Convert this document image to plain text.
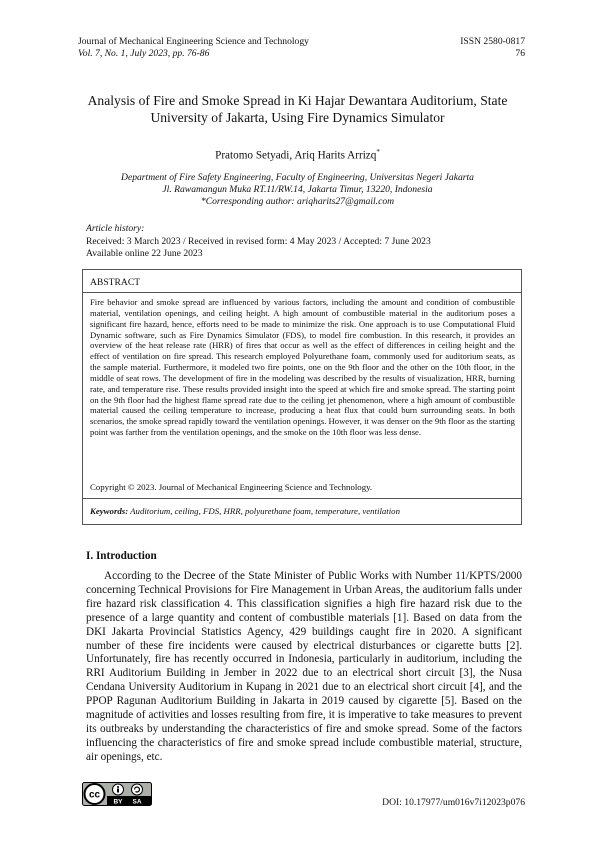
Journal of Mechanical Engineering Science and Technology
Vol. 7, No. 1, July 2023, pp. 76-86
ISSN 2580-0817
76
Analysis of Fire and Smoke Spread in Ki Hajar Dewantara Auditorium, State University of Jakarta, Using Fire Dynamics Simulator
Pratomo Setyadi, Ariq Harits Arrizq*
Department of Fire Safety Engineering, Faculty of Engineering, Universitas Negeri Jakarta
Jl. Rawamangun Muka RT.11/RW.14, Jakarta Timur, 13220, Indonesia
*Corresponding author: ariqharits27@gmail.com
Article history:
Received: 3 March 2023 / Received in revised form: 4 May 2023 / Accepted: 7 June 2023
Available online 22 June 2023
ABSTRACT
Fire behavior and smoke spread are influenced by various factors, including the amount and condition of combustible material, ventilation openings, and ceiling height. A high amount of combustible material in the auditorium poses a significant fire hazard, hence, efforts need to be made to minimize the risk. One approach is to use Computational Fluid Dynamic software, such as Fire Dynamics Simulator (FDS), to model fire combustion. In this research, it provides an overview of the heat release rate (HRR) of fires that occur as well as the effect of differences in ceiling height and the effect of ventilation on fire spread. This research employed Polyurethane foam, commonly used for auditorium seats, as the sample material. Furthermore, it modeled two fire points, one on the 9th floor and the other on the 10th floor, in the middle of seat rows. The development of fire in the modeling was described by the results of visualization, HRR, burning rate, and temperature rise. These results provided insight into the speed at which fire and smoke spread. The starting point on the 9th floor had the highest flame spread rate due to the ceiling jet phenomenon, where a high amount of combustible material caused the ceiling temperature to increase, producing a heat flux that could burn surrounding seats. In both scenarios, the smoke spread rapidly toward the ventilation openings. However, it was denser on the 9th floor as the starting point was farther from the ventilation openings, and the smoke on the 10th floor was less dense.
Copyright © 2023. Journal of Mechanical Engineering Science and Technology.
Keywords: Auditorium, ceiling, FDS, HRR, polyurethane foam, temperature, ventilation
I. Introduction
According to the Decree of the State Minister of Public Works with Number 11/KPTS/2000 concerning Technical Provisions for Fire Management in Urban Areas, the auditorium falls under fire hazard risk classification 4. This classification signifies a high fire hazard risk due to the presence of a large quantity and content of combustible materials [1]. Based on data from the DKI Jakarta Provincial Statistics Agency, 429 buildings caught fire in 2020. A significant number of these fire incidents were caused by electrical disturbances or cigarette butts [2]. Unfortunately, fire has recently occurred in Indonesia, particularly in auditorium, including the RRI Auditorium Building in Jember in 2022 due to an electrical short circuit [3], the Nusa Cendana University Auditorium in Kupang in 2021 due to an electrical short circuit [4], and the PPOP Ragunan Auditorium Building in Jakarta in 2019 caused by cigarette [5]. Based on the magnitude of activities and losses resulting from fire, it is imperative to take measures to prevent its outbreaks by understanding the characteristics of fire and smoke spread. Some of the factors influencing the characteristics of fire and smoke spread include combustible material, structure, air openings, etc.
cc
BY SA	DOI: 10.17977/um016v7i12023p076
